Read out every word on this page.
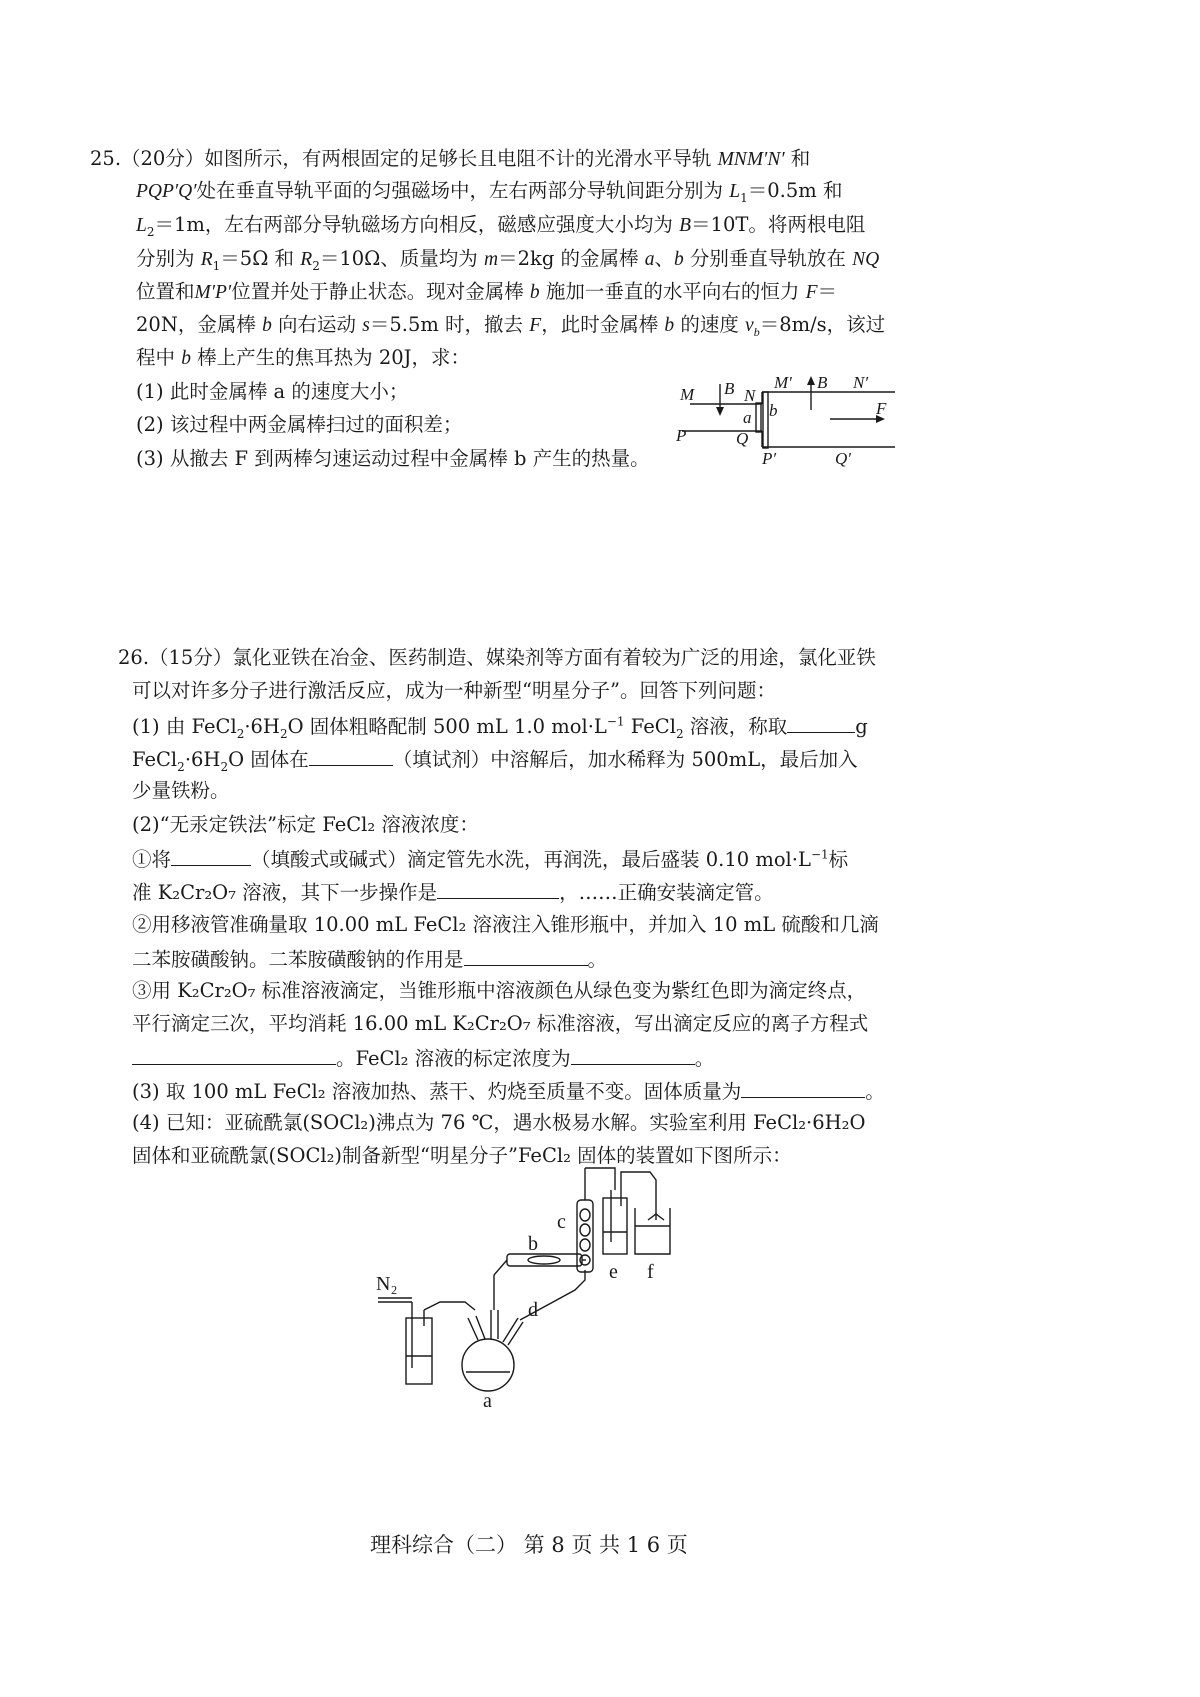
25.（20分）如图所示，有两根固定的足够长且电阻不计的光滑水平导轨 MNM′N′ 和
PQP′Q′处在垂直导轨平面的匀强磁场中，左右两部分导轨间距分别为 $L_1=0.5m$ 和
$L_2=1m$，左右两部分导轨磁场方向相反，磁感应强度大小均为 B＝10T。将两根电阻
分别为 $R_1=5\Omega$ 和 $R_2=10\Omega$、质量均为 m＝2kg 的金属棒 a、b 分别垂直导轨放在 NQ
位置和M′P′位置并处于静止状态。现对金属棒 b 施加一垂直的水平向右的恒力 F＝
20N，金属棒 b 向右运动 s＝5.5m 时，撤去 F，此时金属棒 b 的速度 $v_b=8m/s$，该过
程中 b 棒上产生的焦耳热为 20J，求：
(1) 此时金属棒 a 的速度大小；
(2) 该过程中两金属棒扫过的面积差；
(3) 从撤去 F 到两棒匀速运动过程中金属棒 b 产生的热量。
M B N
M′ B N′
F
a b
P	Q
P′	Q′
26.（15分）氯化亚铁在冶金、医药制造、媒染剂等方面有着较为广泛的用途，氯化亚铁
可以对许多分子进行激活反应，成为一种新型“明星分子”。回答下列问题：
(1) 由 $FeCl_2\cdot 6H_2O$ 固体粗略配制 500 mL 1.0 $mol\cdot L^{-1}$ FeCl$_2$ 溶液，称取	g
$FeCl_2\cdot 6H_2O$ 固体在	（填试剂）中溶解后，加水稀释为 500mL，最后加入
少量铁粉。
(2)“无汞定铁法”标定 FeCl₂ 溶液浓度：
①将	（填酸式或碱式）滴定管先水洗，再润洗，最后盛装 0.10 $mol\cdot L^{-1}$标
准 K₂Cr₂O₇ 溶液，其下一步操作是	，……正确安装滴定管。
②用移液管准确量取 10.00 mL FeCl₂ 溶液注入锥形瓶中，并加入 10 mL 硫酸和几滴
二苯胺磺酸钠。二苯胺磺酸钠的作用是	。
③用 K₂Cr₂O₇ 标准溶液滴定，当锥形瓶中溶液颜色从绿色变为紫红色即为滴定终点，
平行滴定三次，平均消耗 16.00 mL K₂Cr₂O₇ 标准溶液，写出滴定反应的离子方程式
。FeCl₂ 溶液的标定浓度为	。
(3) 取 100 mL FeCl₂ 溶液加热、蒸干、灼烧至质量不变。固体质量为	。
(4) 已知：亚硫酰氯(SOCl₂)沸点为 76 ℃，遇水极易水解。实验室利用 FeCl₂·6H₂O
固体和亚硫酰氯(SOCl₂)制备新型“明星分子”FeCl₂ 固体的装置如下图所示：
N₂
a
b
c
d
e f
理科综合（二） 第 8 页 共 1 6 页
